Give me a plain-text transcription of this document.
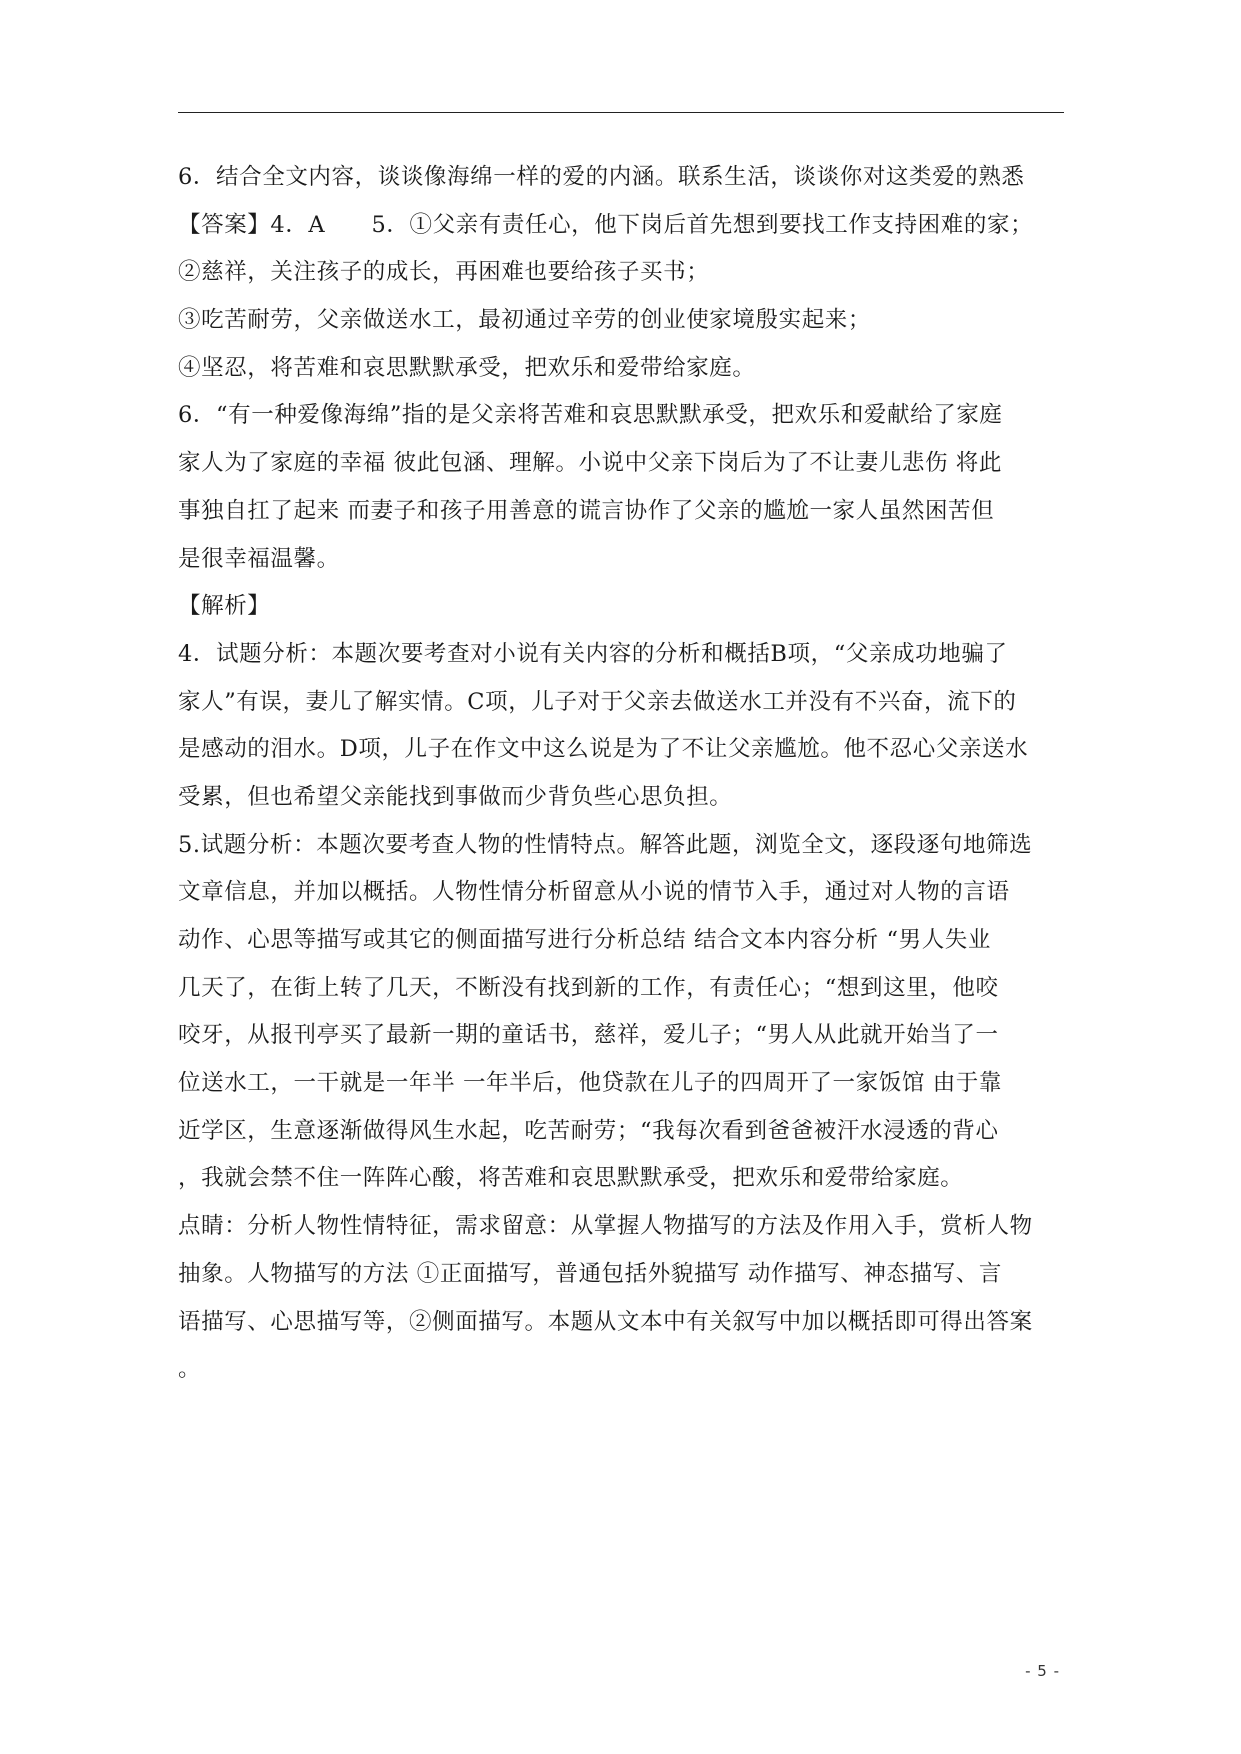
6．结合全文内容，谈谈像海绵一样的爱的内涵。联系生活，谈谈你对这类爱的熟悉
【答案】4．A　　5．①父亲有责任心，他下岗后首先想到要找工作支持困难的家；
②慈祥，关注孩子的成长，再困难也要给孩子买书；
③吃苦耐劳，父亲做送水工，最初通过辛劳的创业使家境殷实起来；
④坚忍，将苦难和哀思默默承受，把欢乐和爱带给家庭。
6．“有一种爱像海绵”指的是父亲将苦难和哀思默默承受，把欢乐和爱献给了家庭
家人为了家庭的幸福 彼此包涵、理解。小说中父亲下岗后为了不让妻儿悲伤 将此
事独自扛了起来 而妻子和孩子用善意的谎言协作了父亲的尴尬一家人虽然困苦但
是很幸福温馨。
【解析】
4．试题分析：本题次要考查对小说有关内容的分析和概括B项，“父亲成功地骗了
家人”有误，妻儿了解实情。C项，儿子对于父亲去做送水工并没有不兴奋，流下的
是感动的泪水。D项，儿子在作文中这么说是为了不让父亲尴尬。他不忍心父亲送水
受累，但也希望父亲能找到事做而少背负些心思负担。
5.试题分析：本题次要考查人物的性情特点。解答此题，浏览全文，逐段逐句地筛选
文章信息，并加以概括。人物性情分析留意从小说的情节入手，通过对人物的言语
动作、心思等描写或其它的侧面描写进行分析总结 结合文本内容分析 “男人失业
几天了，在街上转了几天，不断没有找到新的工作，有责任心；“想到这里，他咬
咬牙，从报刊亭买了最新一期的童话书，慈祥，爱儿子；“男人从此就开始当了一
位送水工，一干就是一年半 一年半后，他贷款在儿子的四周开了一家饭馆 由于靠
近学区，生意逐渐做得风生水起，吃苦耐劳；“我每次看到爸爸被汗水浸透的背心
，我就会禁不住一阵阵心酸，将苦难和哀思默默承受，把欢乐和爱带给家庭。
点睛：分析人物性情特征，需求留意：从掌握人物描写的方法及作用入手，赏析人物
抽象。人物描写的方法 ①正面描写，普通包括外貌描写 动作描写、神态描写、言
语描写、心思描写等，②侧面描写。本题从文本中有关叙写中加以概括即可得出答案
。
- 5 -
